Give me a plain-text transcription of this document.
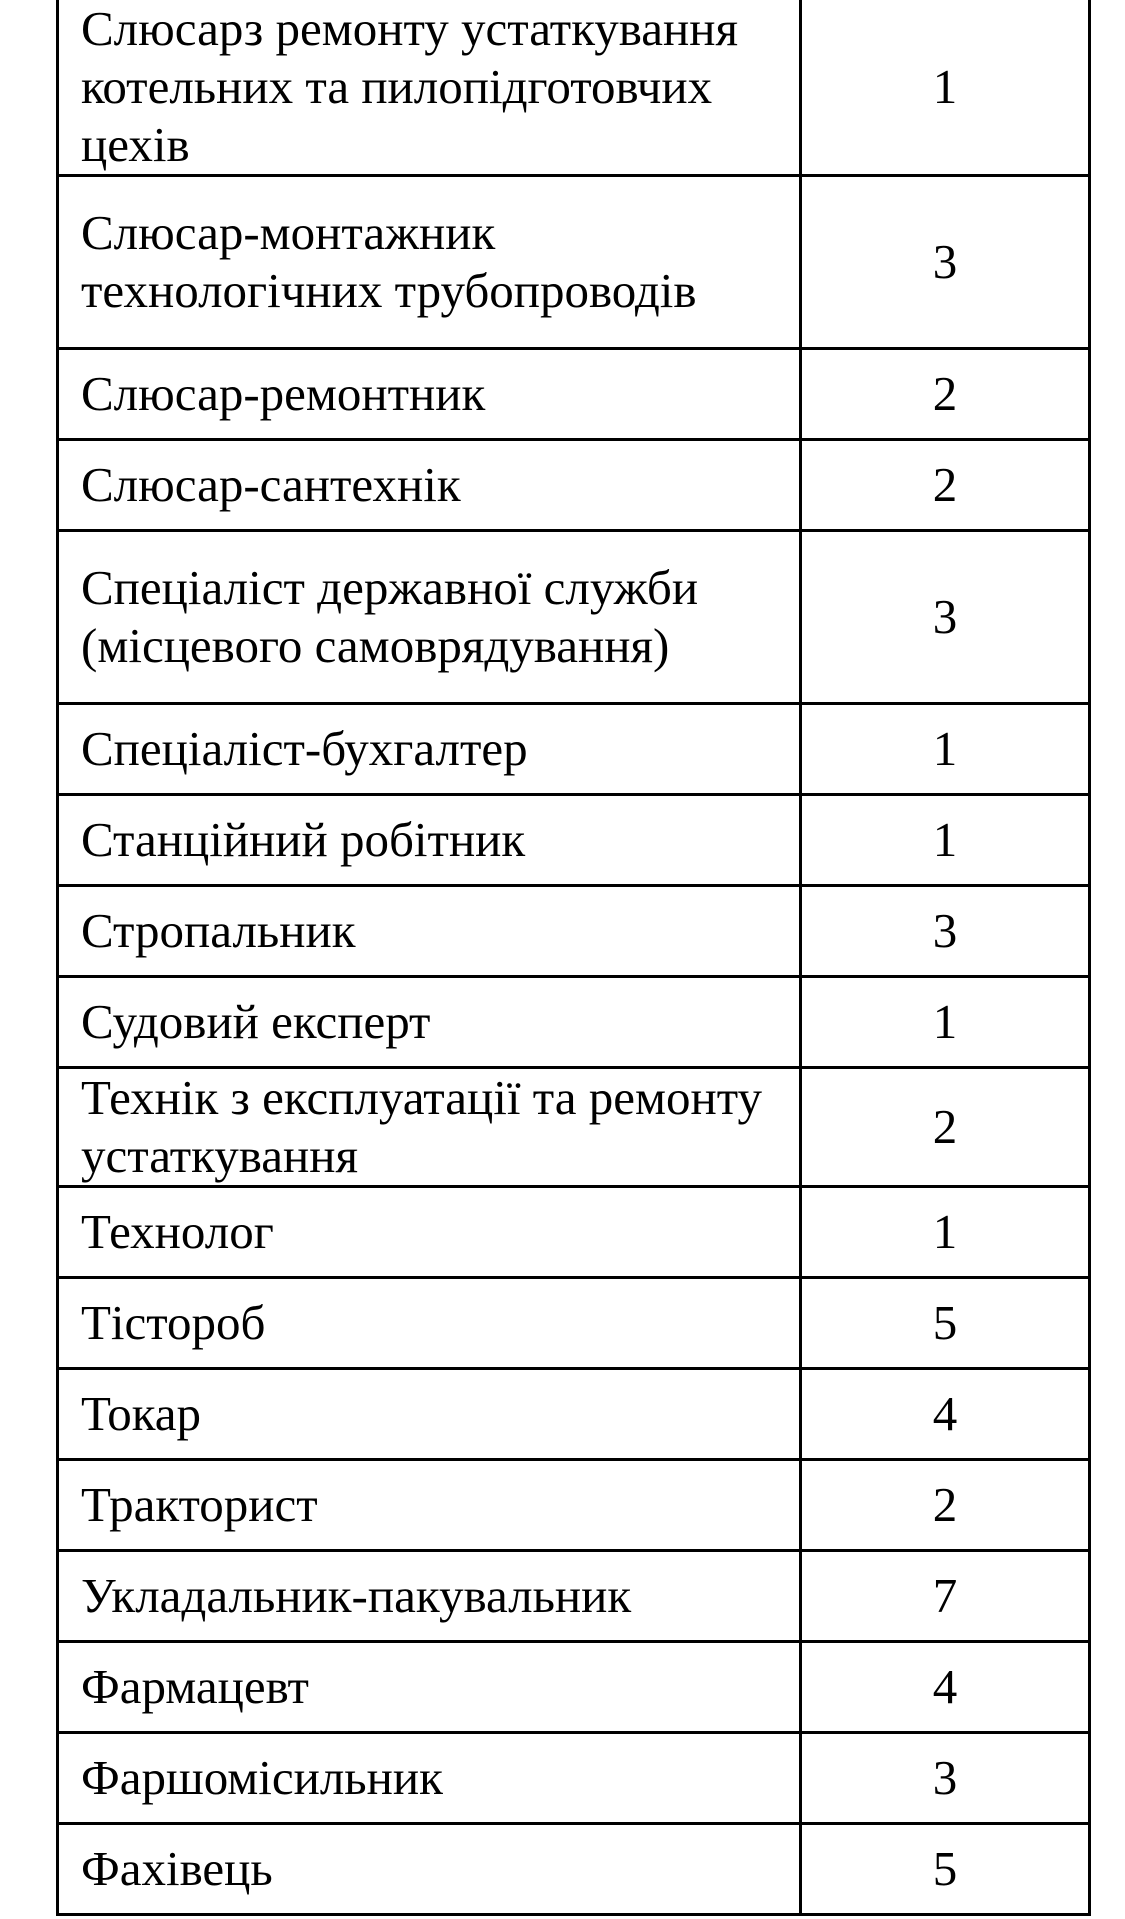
Слюсарз ремонту устаткування котельних та пилопідготовчих цехів	1

Слюсар-монтажник технологічних трубопроводів	3

Слюсар-ремонтник	2

Слюсар-сантехнік	2

Спеціаліст державної служби (місцевого самоврядування)	3

Спеціаліст-бухгалтер	1

Станційний робітник	1

Стропальник	3

Судовий експерт	1

Технік з експлуатації та ремонту устаткування	2

Технолог	1

Тістороб	5

Токар	4

Тракторист	2

Укладальник-пакувальник	7

Фармацевт	4

Фаршомісильник	3

Фахівець	5
